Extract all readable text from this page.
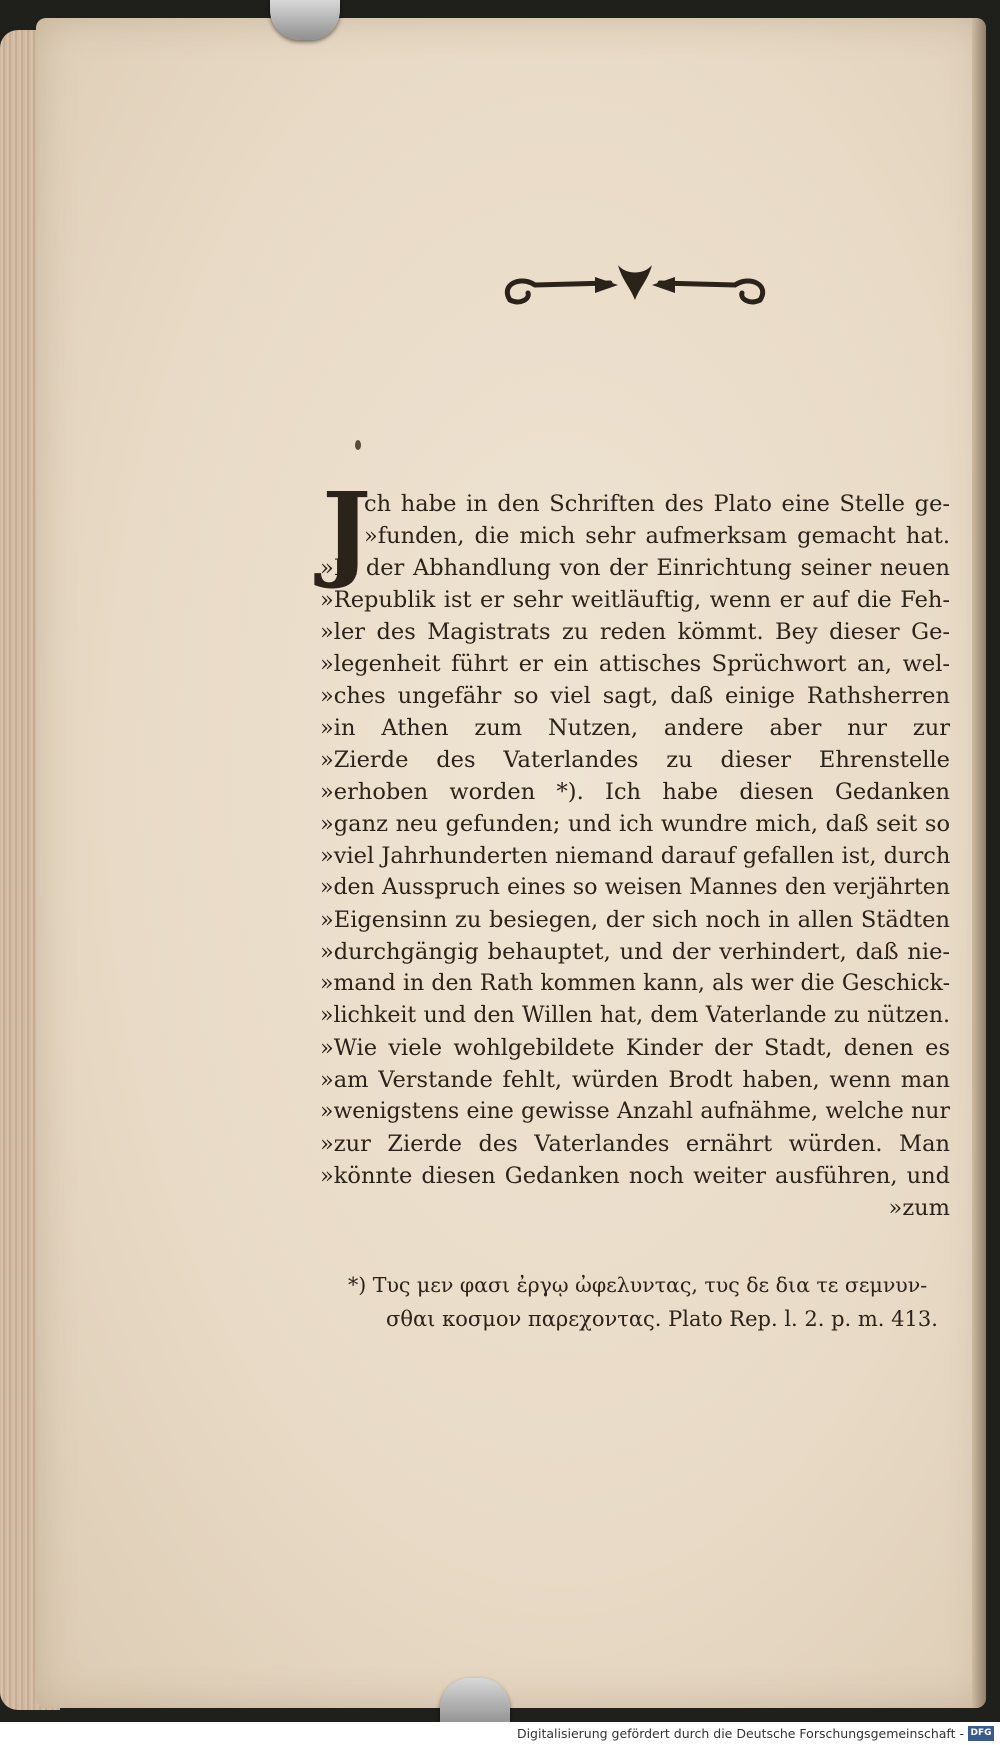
J
ch habe in den Schriften des Plato eine Stelle ge-
»funden, die mich sehr aufmerksam gemacht hat.
»In der Abhandlung von der Einrichtung seiner neuen
»Republik ist er sehr weitläuftig, wenn er auf die Feh-
»ler des Magistrats zu reden kömmt. Bey dieser Ge-
»legenheit führt er ein attisches Sprüchwort an, wel-
»ches ungefähr so viel sagt, daß einige Rathsherren
»in Athen zum Nutzen, andere aber nur zur
»Zierde des Vaterlandes zu dieser Ehrenstelle
»erhoben worden *). Ich habe diesen Gedanken
»ganz neu gefunden; und ich wundre mich, daß seit so
»viel Jahrhunderten niemand darauf gefallen ist, durch
»den Ausspruch eines so weisen Mannes den verjährten
»Eigensinn zu besiegen, der sich noch in allen Städten
»durchgängig behauptet, und der verhindert, daß nie-
»mand in den Rath kommen kann, als wer die Geschick-
»lichkeit und den Willen hat, dem Vaterlande zu nützen.
»Wie viele wohlgebildete Kinder der Stadt, denen es
»am Verstande fehlt, würden Brodt haben, wenn man
»wenigstens eine gewisse Anzahl aufnähme, welche nur
»zur Zierde des Vaterlandes ernährt würden. Man
»könnte diesen Gedanken noch weiter ausführen, und
»zum
*) Τυς μεν φασι ἐργῳ ὠφελυντας, τυς δε δια τε σεμνυν-
σθαι κοσμον παρεχοντας. Plato Rep. l. 2. p. m. 413.
Digitalisierung gefördert durch die Deutsche Forschungsgemeinschaft - DFG
